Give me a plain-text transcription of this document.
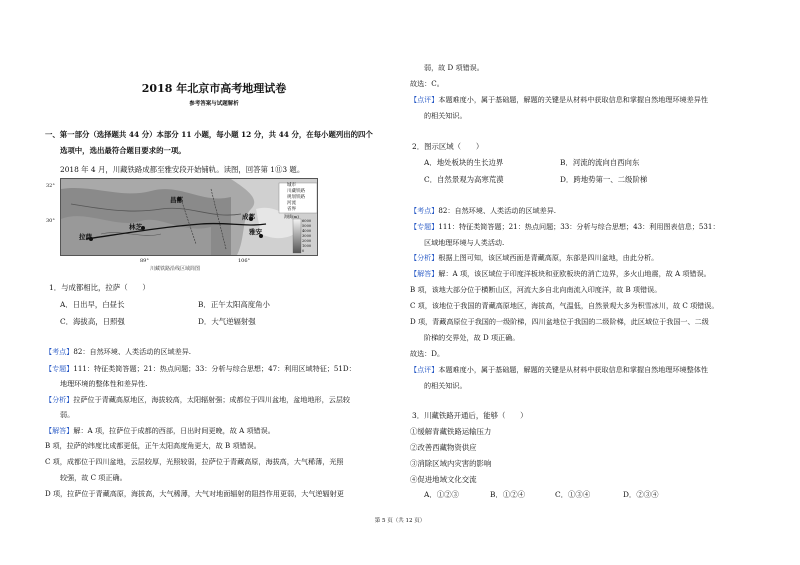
2018 年北京市高考地理试卷
参考答案与试题解析
一、第一部分（选择题共 44 分）本部分 11 小题，每小题 12 分，共 44 分，在每小题列出的四个
选项中，选出最符合题目要求的一项。
2018 年 4 月，川藏铁路成都至雅安段开始铺轨。读图，回答第 1⑪3 题。
32°
30°
89°	106°
昌都
成都
林芝
拉萨
雅安
城市
川藏铁路
规划铁路
河流
省界
海拔(m)
6000
5000
4000
3000
2000
1000
0
川藏铁路沿线区域简图
1．与成都相比，拉萨（　　）
A．日出早，白昼长	B．正午太阳高度角小
C．海拔高，日照强	D．大气逆辐射强
【考点】82：自然环境、人类活动的区域差异.
【专题】111：特征类简答题；21：热点问题；33：分析与综合思想；47：利用区域特征；51D：
地理环境的整体性和差异性.
【分析】拉萨位于青藏高原地区，海拔较高，太阳辐射强；成都位于四川盆地，盆地地形，云层较
弱。
【解答】解：A 项，拉萨位于成都的西部，日出时间更晚，故 A 项错误。
B 项，拉萨的纬度比成都更低，正午太阳高度角更大，故 B 项错误。
C 项，成都位于四川盆地，云层较厚，光照较弱，拉萨位于青藏高原，海拔高，大气稀薄，光照
较强，故 C 项正确。
D 项，拉萨位于青藏高原，海拔高，大气稀薄，大气对地面辐射的阻挡作用更弱，大气逆辐射更
弱，故 D 项错误。
故选：C。
【点评】本题难度小，属于基础题，解题的关键是从材料中获取信息和掌握自然地理环境差异性
的相关知识。
2．图示区域（　　）
A．地处板块的生长边界	B．河流的流向自西向东
C．自然景观为高寒荒漠	D．跨地势第一、二级阶梯
【考点】82：自然环境、人类活动的区域差异.
【专题】111：特征类简答题；21：热点问题；33：分析与综合思想；43：利用图表信息；531：
区域地理环境与人类活动.
【分析】根据上图可知，该区域西面是青藏高原，东部是四川盆地，由此分析。
【解答】解：A 项，该区域位于印度洋板块和亚欧板块的消亡边界，多火山地震，故 A 项错误。
B 项，该地大部分位于横断山区，河流大多自北向南流入印度洋，故 B 项错误。
C 项，该地位于我国的青藏高原地区，海拔高，气温低，自然景观大多为积雪冰川，故 C 项错误。
D 项，青藏高原位于我国的一级阶梯，四川盆地位于我国的二级阶梯，此区域位于我国一、二级
阶梯的交界处，故 D 项正确。
故选：D。
【点评】本题难度小，属于基础题，解题的关键是从材料中获取信息和掌握自然地理环境整体性
的相关知识。
3．川藏铁路开通后，能够（　　）
①缓解青藏铁路运输压力
②改善西藏物资供应
③消除区域内灾害的影响
④促进地域文化交流
A．①②③	B．①②④	C．①③④	D．②③④
第 5 页（共 12 页）
